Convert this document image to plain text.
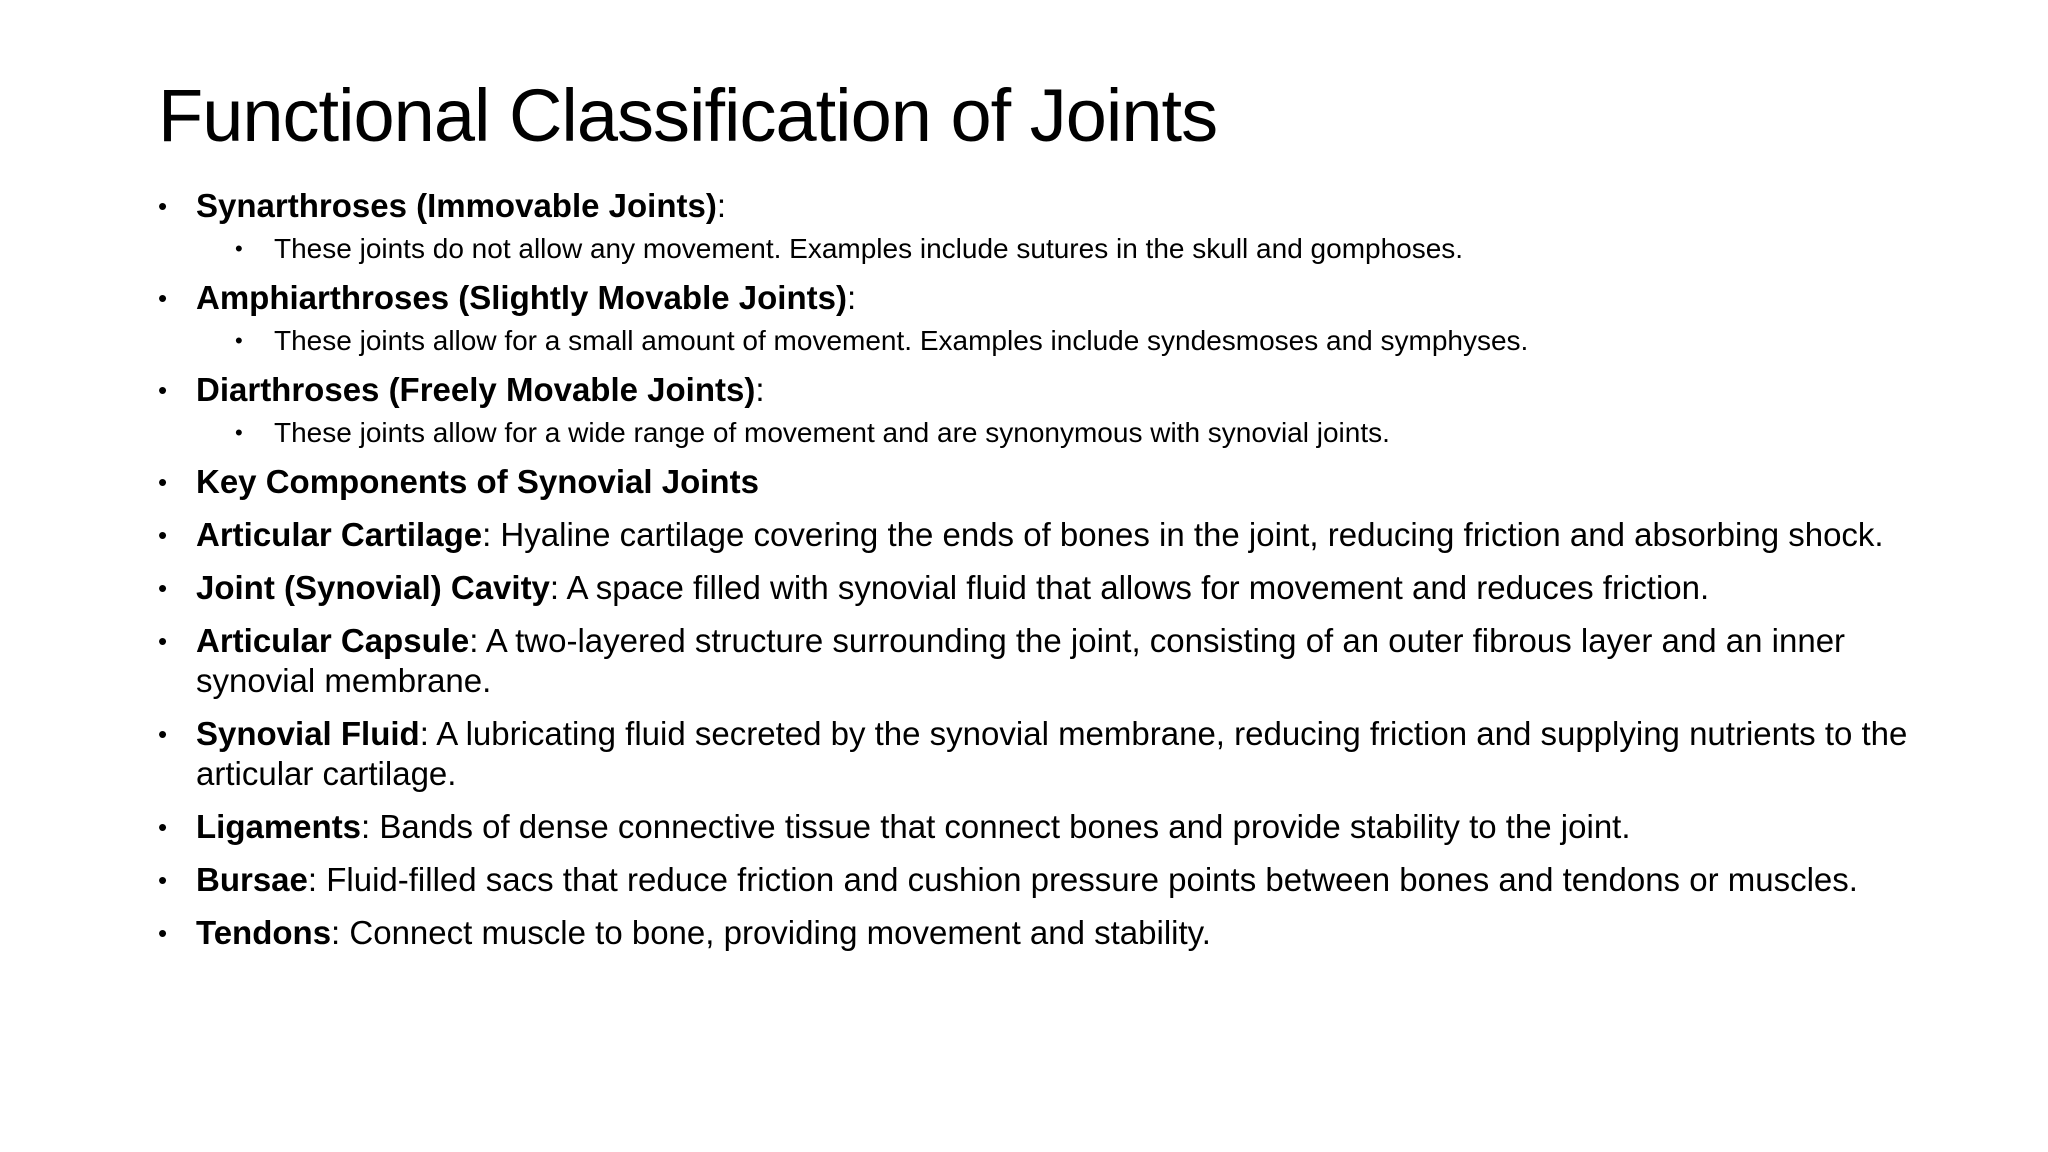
Functional Classification of Joints
• Synarthroses (Immovable Joints):
• These joints do not allow any movement. Examples include sutures in the skull and gomphoses.
• Amphiarthroses (Slightly Movable Joints):
• These joints allow for a small amount of movement. Examples include syndesmoses and symphyses.
• Diarthroses (Freely Movable Joints):
• These joints allow for a wide range of movement and are synonymous with synovial joints.
• Key Components of Synovial Joints
• Articular Cartilage: Hyaline cartilage covering the ends of bones in the joint, reducing friction and absorbing shock.
• Joint (Synovial) Cavity: A space filled with synovial fluid that allows for movement and reduces friction.
• Articular Capsule: A two-layered structure surrounding the joint, consisting of an outer fibrous layer and an inner synovial membrane.
• Synovial Fluid: A lubricating fluid secreted by the synovial membrane, reducing friction and supplying nutrients to the articular cartilage.
• Ligaments: Bands of dense connective tissue that connect bones and provide stability to the joint.
• Bursae: Fluid-filled sacs that reduce friction and cushion pressure points between bones and tendons or muscles.
• Tendons: Connect muscle to bone, providing movement and stability.
